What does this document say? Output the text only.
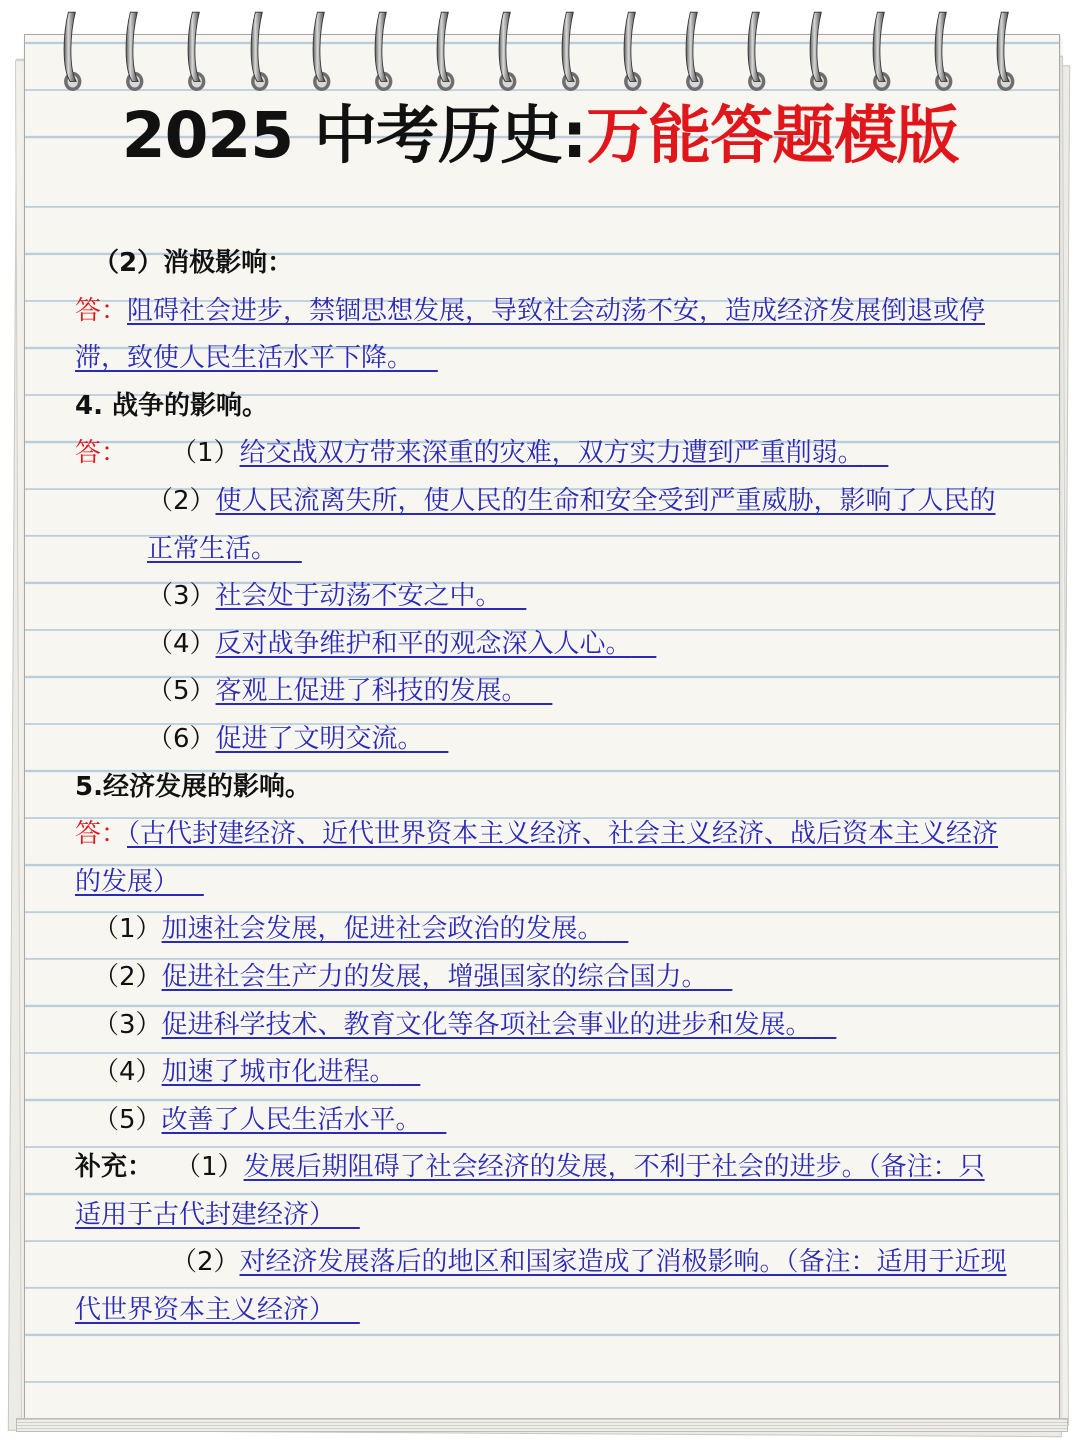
2025 中考历史:万能答题模版

（2）消极影响：

答：阻碍社会进步，禁锢思想发展，导致社会动荡不安，造成经济发展倒退或停滞，致使人民生活水平下降。

4. 战争的影响。

答： （1）给交战双方带来深重的灾难，双方实力遭到严重削弱。

（2）使人民流离失所，使人民的生命和安全受到严重威胁，影响了人民的正常生活。

（3）社会处于动荡不安之中。

（4）反对战争维护和平的观念深入人心。

（5）客观上促进了科技的发展。

（6）促进了文明交流。

5.经济发展的影响。

答：（古代封建经济、近代世界资本主义经济、社会主义经济、战后资本主义经济的发展）

（1）加速社会发展，促进社会政治的发展。

（2）促进社会生产力的发展，增强国家的综合国力。

（3）促进科学技术、教育文化等各项社会事业的进步和发展。

（4）加速了城市化进程。

（5）改善了人民生活水平。

补充： （1）发展后期阻碍了社会经济的发展，不利于社会的进步。（备注：只适用于古代封建经济）

（2）对经济发展落后的地区和国家造成了消极影响。（备注：适用于近现代世界资本主义经济）
